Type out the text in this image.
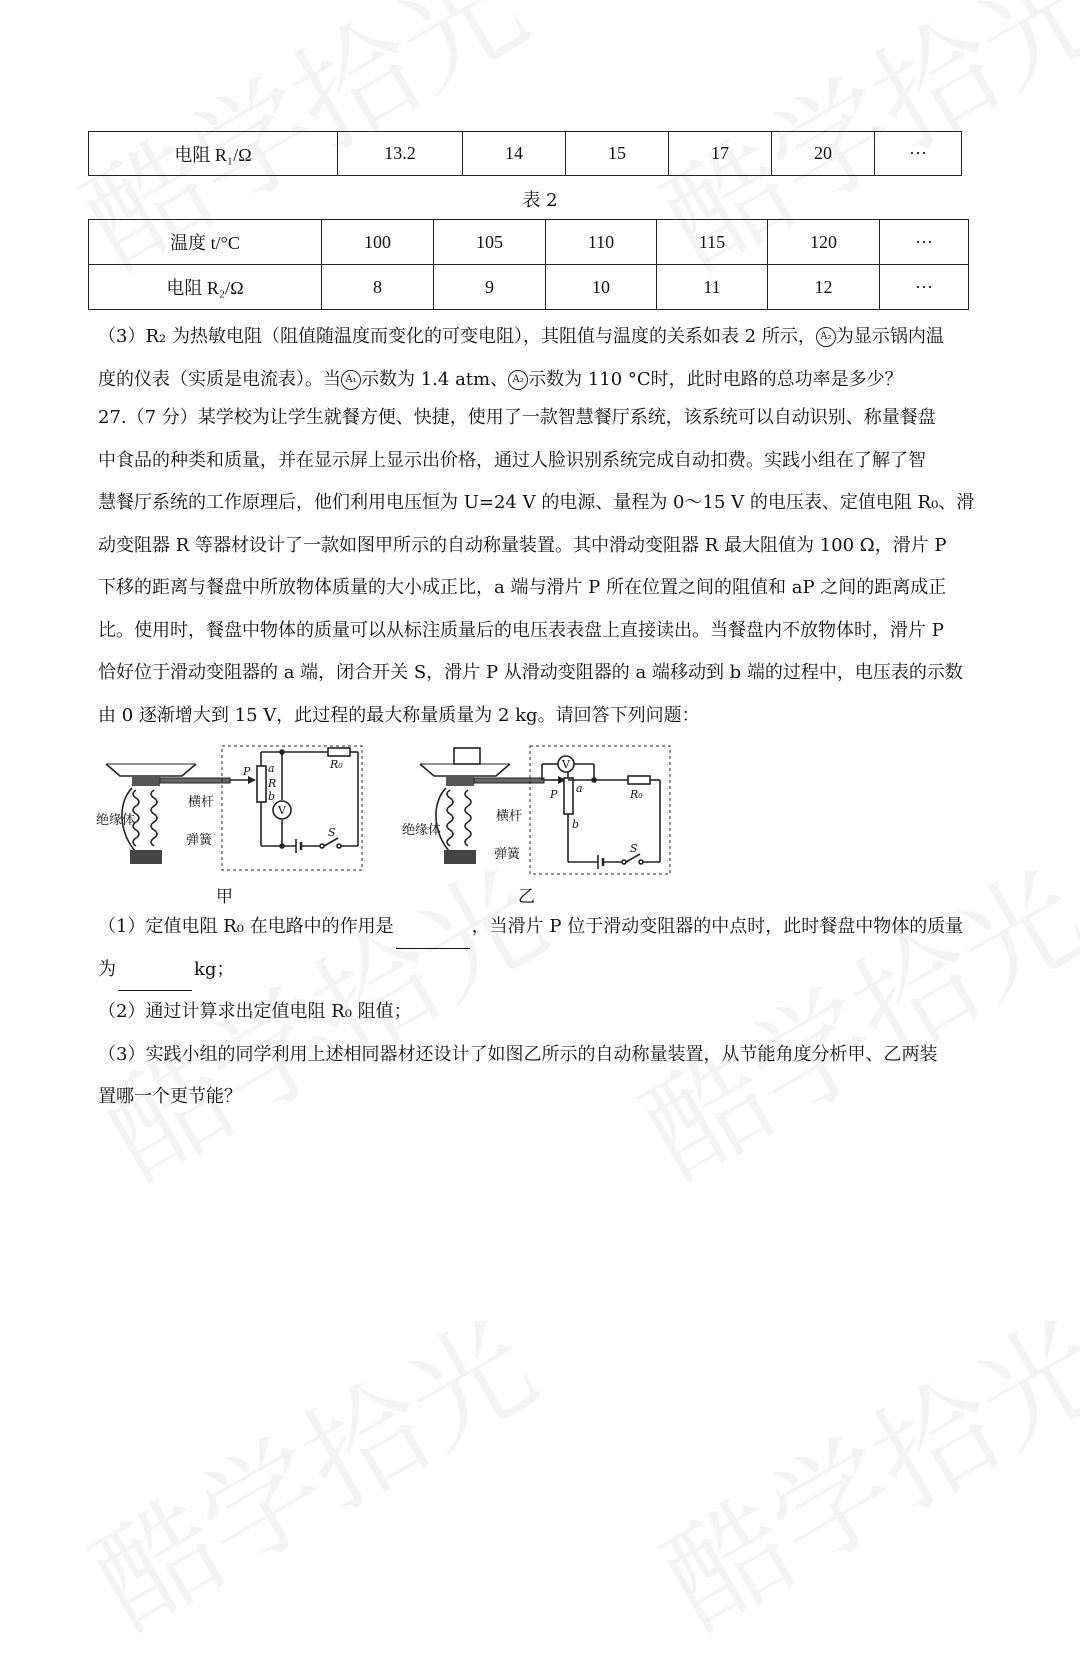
电阻 R₁/Ω	13.2	14	15	17	20	···
表 2
温度 t/°C	100	105	110	115	120	···
电阻 R₂/Ω	8	9	10	11	12	···
（3）R₂ 为热敏电阻（阻值随温度而变化的可变电阻），其阻值与温度的关系如表 2 所示， A₂ 为显示锅内温
度的仪表（实质是电流表）。当 A₁ 示数为 1.4 atm、 A₂ 示数为 110 °C时，此时电路的总功率是多少？
27.（7 分）某学校为让学生就餐方便、快捷，使用了一款智慧餐厅系统，该系统可以自动识别、称量餐盘
中食品的种类和质量，并在显示屏上显示出价格，通过人脸识别系统完成自动扣费。实践小组在了解了智
慧餐厅系统的工作原理后，他们利用电压恒为 U=24 V 的电源、量程为 0～15 V 的电压表、定值电阻 R₀、滑
动变阻器 R 等器材设计了一款如图甲所示的自动称量装置。其中滑动变阻器 R 最大阻值为 100 Ω，滑片 P
下移的距离与餐盘中所放物体质量的大小成正比，a 端与滑片 P 所在位置之间的阻值和 aP 之间的距离成正
比。使用时，餐盘中物体的质量可以从标注质量后的电压表表盘上直接读出。当餐盘内不放物体时，滑片 P
恰好位于滑动变阻器的 a 端，闭合开关 S，滑片 P 从滑动变阻器的 a 端移动到 b 端的过程中，电压表的示数
由 0 逐渐增大到 15 V，此过程的最大称量质量为 2 kg。请回答下列问题：
P a
R
b
V
R₀
S
绝缘体
横杆
弹簧
甲
P a
b
V
R₀
S
绝缘体
横杆
弹簧
乙
（1）定值电阻 R₀ 在电路中的作用是	，当滑片 P 位于滑动变阻器的中点时，此时餐盘中物体的质量
为	kg；
（2）通过计算求出定值电阻 R₀ 阻值；
（3）实践小组的同学利用上述相同器材还设计了如图乙所示的自动称量装置，从节能角度分析甲、乙两装
置哪一个更节能？
